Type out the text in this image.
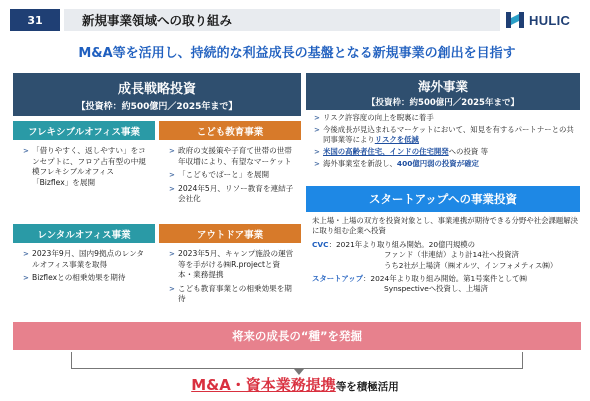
31	新規事業領域への取り組み	HULIC
M&A等を活用し、持続的な利益成長の基盤となる新規事業の創出を目指す
成長戦略投資
【投資枠：約500億円／2025年まで】
フレキシブルオフィス事業
> 「借りやすく、返しやすい」をコンセプトに、フロア占有型の中規模フレキシブルオフィス「Bizflex」を展開
こども教育事業
> 政府の支援策や子育て世帯の世帯年収増により、有望なマーケット
> 「こどもでぱーと」を展開
> 2024年5月、リソー教育を連結子会社化
レンタルオフィス事業
> 2023年9月、国内9拠点のレンタルオフィス事業を取得
> Bizflexとの相乗効果を期待
アウトドア事業
> 2023年5月、キャンプ施設の運営等を手がける㈱R.projectと資本・業務提携
> こども教育事業との相乗効果を期待
海外事業
【投資枠：約500億円／2025年まで】
> リスク許容度の向上を睨裏に着手
> 今後成長が見込まれるマーケットにおいて、知見を有するパートナーとの共同事業等によりリスクを低減
> 米国の高齢者住宅、インドの住宅開発への投資 等
> 海外事業室を新設し、400億円弱の投資が確定
スタートアップへの事業投資

未上場・上場の双方を投資対象とし、事業連携が期待できる分野や社会課題解決に取り組む企業へ投資

CVC：2021年より取り組み開始。20億円規模の
ファンド（非連結）より計14社へ投資済
うち2社が上場済（㈱オルツ、インフォメティス㈱）

スタートアップ：2024年より取り組み開始。第1号案件として㈱
Synspectiveへ投資し、上場済

将来の成長の“種”を発掘
M&A・資本業務提携等を積極活用
